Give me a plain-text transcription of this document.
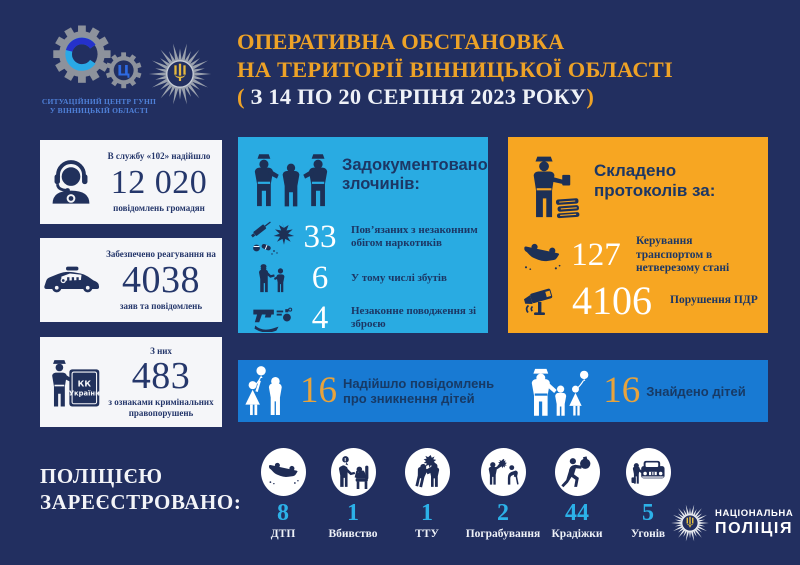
Ц
СИТУАЦІЙНИЙ ЦЕНТР ГУНП
У ВІННИЦЬКІЙ ОБЛАСТІ
ОПЕРАТИВНА ОБСТАНОВКА
НА ТЕРИТОРІЇ ВІННИЦЬКОЇ ОБЛАСТІ
( З 14 ПО 20 СЕРПНЯ 2023 РОКУ)
В службу «102» надійшло
12 020
повідомлень громадян
Забезпечено реагування на
4038
заяв та повідомлень
КК
України
З них
483
з ознаками кримінальних правопорушень
Задокументовано злочинів:
33	Пов’язаних з незаконним обігом наркотиків
6	У тому числі збутів
4	Незаконне поводження зі зброєю
Складено протоколів за:
127	Керування транспортом в нетверезому стані
4106	Порушення ПДР
16 Надійшло повідомлень про зникнення дітей	16 Знайдено дітей
ПОЛІЦІЄЮ
ЗАРЕЄСТРОВАНО:	8
ДТП
1
Вбивство
1
ТТУ
2
Пограбування
44
Крадіжки
5
Угонів
НАЦІОНАЛЬНА
ПОЛІЦІЯ
